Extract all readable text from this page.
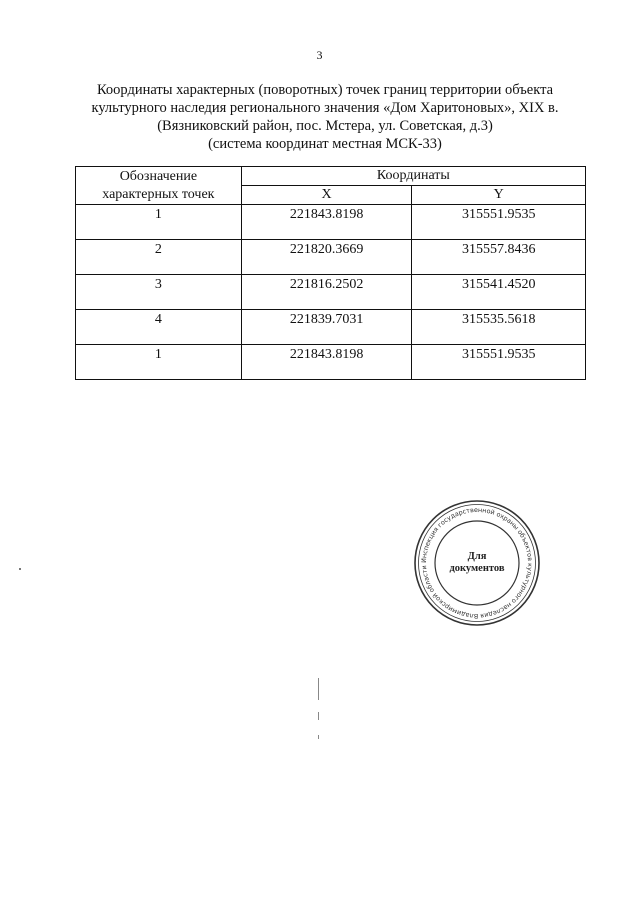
3
Координаты характерных (поворотных) точек границ территории объекта
культурного наследия регионального значения «Дом Харитоновых», XIX в.
(Вязниковский район, пос. Мстера, ул. Советская, д.3)
(система координат местная МСК-33)
Обозначение
характерных точек	Координаты	
	X	Y
1	221843.8198	315551.9535
2	221820.3669	315557.8436
3	221816.2502	315541.4520
4	221839.7031	315535.5618
1	221843.8198	315551.9535
Инспекция государственной охраны объектов культурного наследия Владимирской области
Для
документов
